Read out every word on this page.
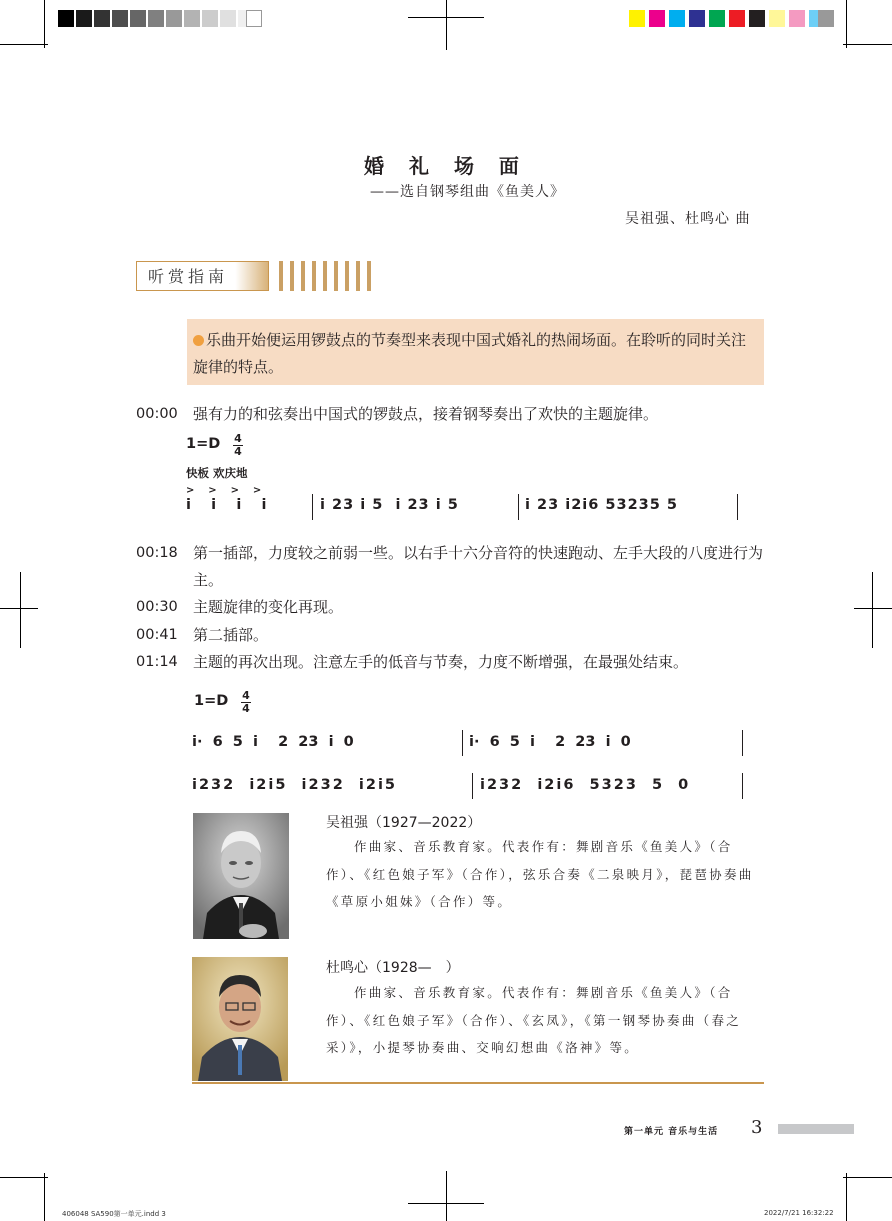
婚 礼 场 面
——选自钢琴组曲《鱼美人》
吴祖强、杜鸣心 曲
听赏指南
乐曲开始便运用锣鼓点的节奏型来表现中国式婚礼的热闹场面。在聆听的同时关注旋律的特点。
00:00 强有力的和弦奏出中国式的锣鼓点，接着钢琴奏出了欢快的主题旋律。
1=D 4
4
快板 欢庆地
>    >    >    >
i    i    i    i	i 23 i 5  i 23 i 5	i 23 i2i6 53235 5
00:18 第一插部，力度较之前弱一些。以右手十六分音符的快速跑动、左手大段的八度进行为主。
00:30 主题旋律的变化再现。
00:41 第二插部。
01:14 主题的再次出现。注意左手的低音与节奏，力度不断增强，在最强处结束。
1=D 4
4
i·  6  5  i    2  23  i  0	i·  6  5  i    2  23  i  0
i232  i2i5  i232  i2i5	i232  i2i6  5323  5  0
吴祖强（1927—2022）
作曲家、音乐教育家。代表作有：舞剧音乐《鱼美人》（合作）、《红色娘子军》（合作），弦乐合奏《二泉映月》，琵琶协奏曲《草原小姐妹》（合作）等。
杜鸣心（1928—　）
作曲家、音乐教育家。代表作有：舞剧音乐《鱼美人》（合作）、《红色娘子军》（合作）、《玄凤》，《第一钢琴协奏曲（春之采）》，小提琴协奏曲、交响幻想曲《洛神》等。
第一单元 音乐与生活 3
406048 SA590第一单元.indd 3	2022/7/21 16:32:22
